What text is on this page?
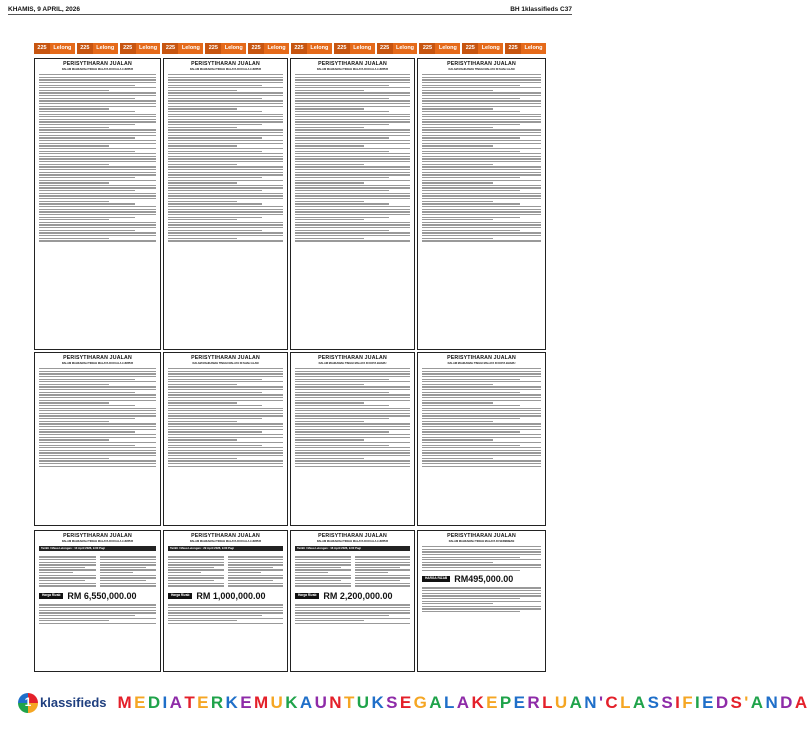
KHAMIS, 9 APRIL, 2026	BH 1klassifieds C37
225	Lelong	225	Lelong	225	Lelong	225	Lelong	225	Lelong	225	Lelong	225	Lelong	225	Lelong	225	Lelong	225	Lelong	225	Lelong	225	Lelong
PERISYTIHARAN JUALAN
DALAM MAHKAMAH TINGGI MALAYA DI KUALA LUMPUR
PERISYTIHARAN JUALAN
DALAM MAHKAMAH TINGGI MALAYA DI KUALA LUMPUR
PERISYTIHARAN JUALAN
DALAM MAHKAMAH TINGGI MALAYA DI KUALA LUMPUR
PERISYTIHARAN JUALAN
DALAM MAHKAMAH TINGGI MALAYA DI SHAH ALAM
PERISYTIHARAN JUALAN
DALAM MAHKAMAH TINGGI MALAYA DI KUALA LUMPUR
PERISYTIHARAN JUALAN
DALAM MAHKAMAH TINGGI MALAYA DI SHAH ALAM
PERISYTIHARAN JUALAN
DALAM MAHKAMAH TINGGI MALAYA DI KOTA BHARU
PERISYTIHARAN JUALAN
DALAM MAHKAMAH TINGGI MALAYA DI KOTA BHARU
PERISYTIHARAN JUALAN
DALAM MAHKAMAH TINGGI MALAYA DI KUALA LUMPUR
Tarikh / Masa Lelongan : 13 April 2026, 9.00 Pagi
Harga Rizab RM 6,550,000.00
PERISYTIHARAN JUALAN
DALAM MAHKAMAH TINGGI MALAYA DI KUALA LUMPUR
Tarikh / Masa Lelongan : 29 April 2026, 9.00 Pagi
Harga Rizab RM 1,000,000.00
PERISYTIHARAN JUALAN
DALAM MAHKAMAH TINGGI MALAYA DI KUALA LUMPUR
Tarikh / Masa Lelongan : 16 April 2026, 9.00 Pagi
Harga Rizab RM 2,200,000.00
PERISYTIHARAN JUALAN
DALAM MAHKAMAH TINGGI MALAYA DI SEREMBAN
HARGA RIZAB RM495,000.00
1 klassifieds M E D I A T E R K E M U K A U N T U K S E G A L A K E P E R L U A N ' C L A S S I F I E D S ' A N D A
